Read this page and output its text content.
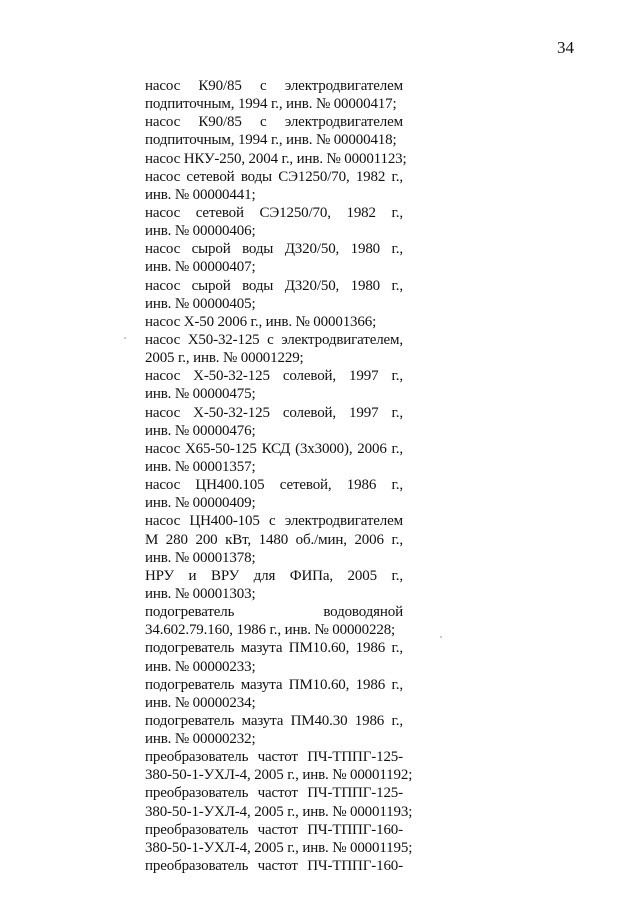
34
насос К90/85 с электродвигателем
подпиточным, 1994 г., инв. № 00000417;
насос К90/85 с электродвигателем
подпиточным, 1994 г., инв. № 00000418;
насос НКУ-250, 2004 г., инв. № 00001123;
насос сетевой воды СЭ1250/70, 1982 г.,
инв. № 00000441;
насос сетевой СЭ1250/70, 1982 г.,
инв. № 00000406;
насос сырой воды Д320/50, 1980 г.,
инв. № 00000407;
насос сырой воды Д320/50, 1980 г.,
инв. № 00000405;
насос Х-50 2006 г., инв. № 00001366;
насос Х50-32-125 с электродвигателем,
2005 г., инв. № 00001229;
насос Х-50-32-125 солевой, 1997 г.,
инв. № 00000475;
насос Х-50-32-125 солевой, 1997 г.,
инв. № 00000476;
насос Х65-50-125 КСД (3х3000), 2006 г.,
инв. № 00001357;
насос ЦН400.105 сетевой, 1986 г.,
инв. № 00000409;
насос ЦН400-105 с электродвигателем
М 280 200 кВт, 1480 об./мин, 2006 г.,
инв. № 00001378;
НРУ и ВРУ для ФИПа, 2005 г.,
инв. № 00001303;
подогреватель водоводяной
34.602.79.160, 1986 г., инв. № 00000228;
подогреватель мазута ПМ10.60, 1986 г.,
инв. № 00000233;
подогреватель мазута ПМ10.60, 1986 г.,
инв. № 00000234;
подогреватель мазута ПМ40.30 1986 г.,
инв. № 00000232;
преобразователь частот ПЧ-ТППГ-125-
380-50-1-УХЛ-4, 2005 г., инв. № 00001192;
преобразователь частот ПЧ-ТППГ-125-
380-50-1-УХЛ-4, 2005 г., инв. № 00001193;
преобразователь частот ПЧ-ТППГ-160-
380-50-1-УХЛ-4, 2005 г., инв. № 00001195;
преобразователь частот ПЧ-ТППГ-160-
